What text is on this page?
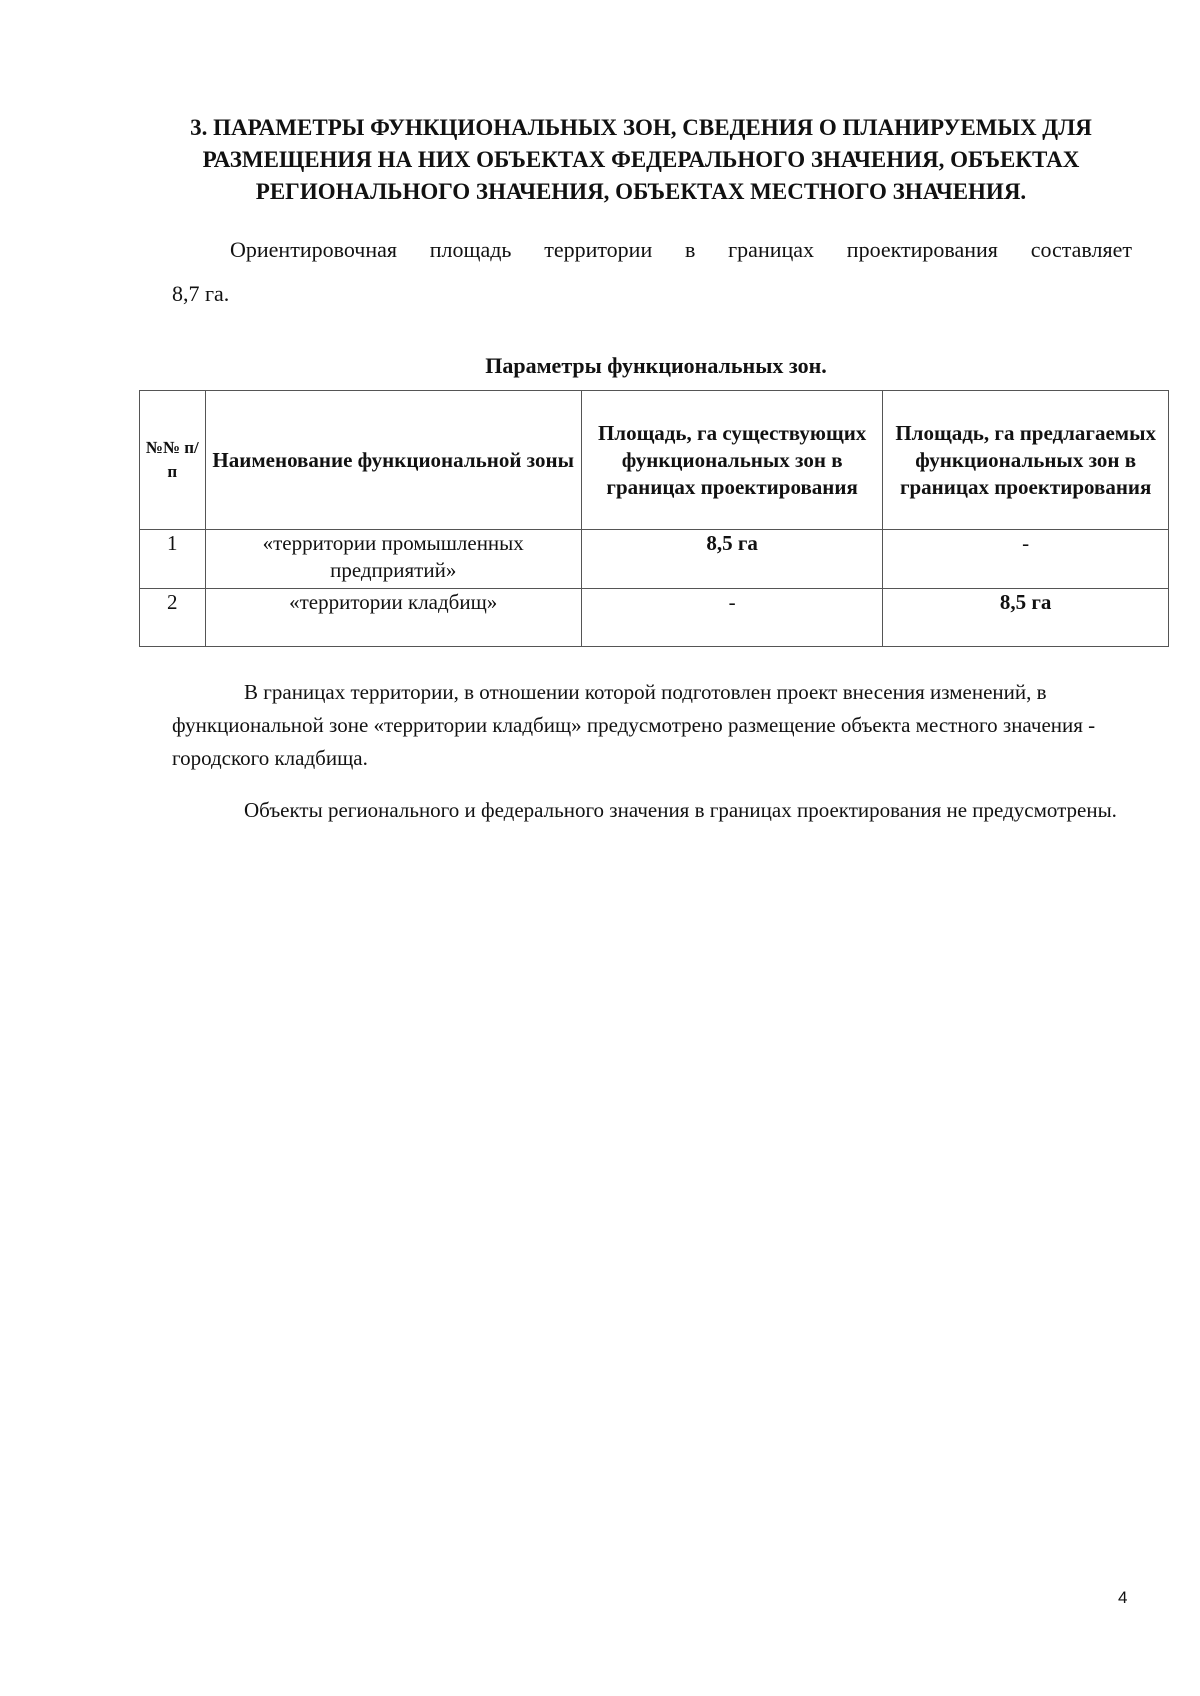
3. ПАРАМЕТРЫ ФУНКЦИОНАЛЬНЫХ ЗОН, СВЕДЕНИЯ О ПЛАНИРУЕМЫХ ДЛЯ
РАЗМЕЩЕНИЯ НА НИХ ОБЪЕКТАХ ФЕДЕРАЛЬНОГО ЗНАЧЕНИЯ, ОБЪЕКТАХ
РЕГИОНАЛЬНОГО ЗНАЧЕНИЯ, ОБЪЕКТАХ МЕСТНОГО ЗНАЧЕНИЯ.

Ориентировочная площадь территории в границах проектирования составляет
8,7 га.

Параметры функциональных зон.

№№ п/п	Наименование функциональной зоны	Площадь, га существующих функциональных зон в границах проектирования	Площадь, га предлагаемых функциональных зон в границах проектирования
1	«территории промышленных предприятий»	8,5 га	-
2	«территории кладбищ»	-	8,5 га

В границах территории, в отношении которой подготовлен проект внесения изменений, в функциональной зоне «территории кладбищ» предусмотрено размещение объекта местного значения - городского кладбища.

Объекты регионального и федерального значения в границах проектирования не предусмотрены.

4
